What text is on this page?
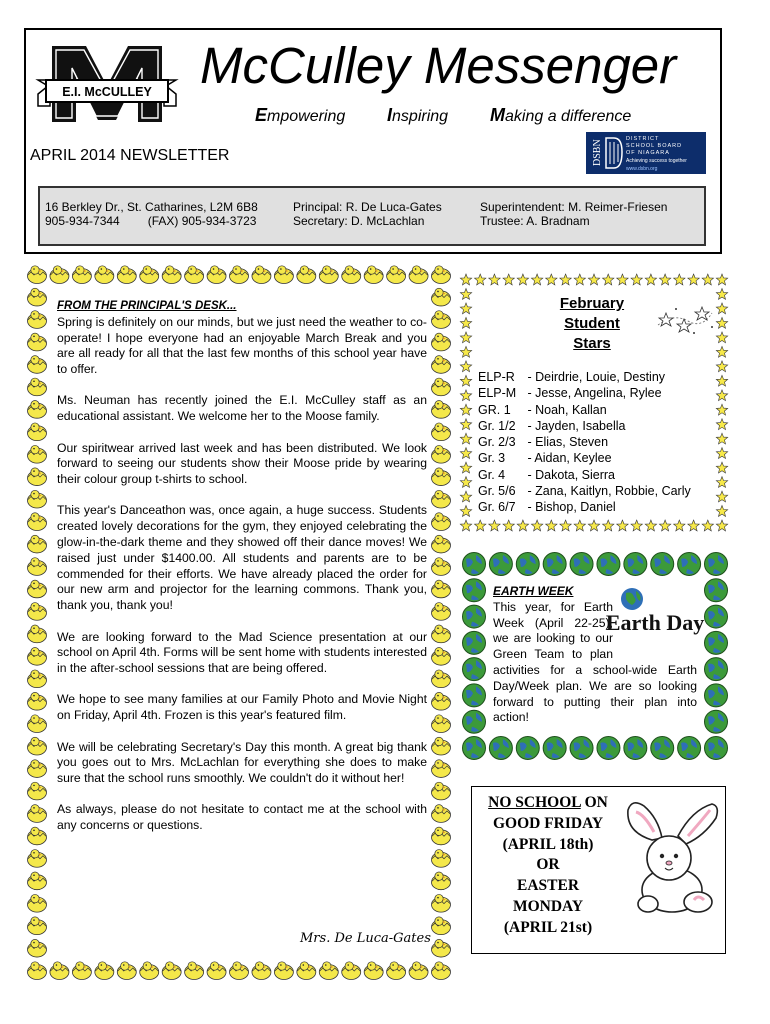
E.I. McCULLEY McCulley Messenger
Empowering Inspiring Making a difference
APRIL 2014 NEWSLETTER	DSBN
DISTRICT
SCHOOL BOARD
OF NIAGARA
Achieving success together
www.dsbn.org
16 Berkley Dr., St. Catharines, L2M 6B8
905-934-7344 (FAX) 905-934-3723
Principal: R. De Luca-Gates
Secretary: D. McLachlan
Superintendent: M. Reimer-Friesen
Trustee: A. Bradnam

FROM THE PRINCIPAL'S DESK...
Spring is definitely on our minds, but we just need the weather to co-operate! I hope everyone had an enjoyable March Break and you are all ready for all that the last few months of this school year have to offer.

Ms. Neuman has recently joined the E.I. McCulley staff as an educational assistant. We welcome her to the Moose family.

Our spiritwear arrived last week and has been distributed. We look forward to seeing our students show their Moose pride by wearing their colour group t-shirts to school.

This year's Danceathon was, once again, a huge success. Students created lovely decorations for the gym, they enjoyed celebrating the glow-in-the-dark theme and they showed off their dance moves! We raised just under $1400.00. All students and parents are to be commended for their efforts. We have already placed the order for our new arm and projector for the learning commons. Thank you, thank you, thank you!

We are looking forward to the Mad Science presentation at our school on April 4th. Forms will be sent home with students interested in the after-school sessions that are being offered.

We hope to see many families at our Family Photo and Movie Night on Friday, April 4th. Frozen is this year's featured film.

We will be celebrating Secretary's Day this month. A great big thank you goes out to Mrs. McLachlan for everything she does to make sure that the school runs smoothly. We couldn't do it without her!

As always, please do not hesitate to contact me at the school with any concerns or questions.

Mrs. De Luca-Gates
February
Student
Stars
ELP-R - Deirdrie, Louie, Destiny
ELP-M - Jesse, Angelina, Rylee
GR. 1 - Noah, Kallan
Gr. 1/2 - Jayden, Isabella
Gr. 2/3 - Elias, Steven
Gr. 3 - Aidan, Keylee
Gr. 4 - Dakota, Sierra
Gr. 5/6 - Zana, Kaitlyn, Robbie, Carly
Gr. 6/7 - Bishop, Daniel
EARTH WEEK
This year, for Earth Week (April 22-25), we are looking to our Green Team to plan activities for a school-wide Earth Day/Week plan. We are so looking forward to putting their plan into action!
Earth Day
NO SCHOOL ON
GOOD FRIDAY
(APRIL 18th)
OR
EASTER
MONDAY
(APRIL 21st)
